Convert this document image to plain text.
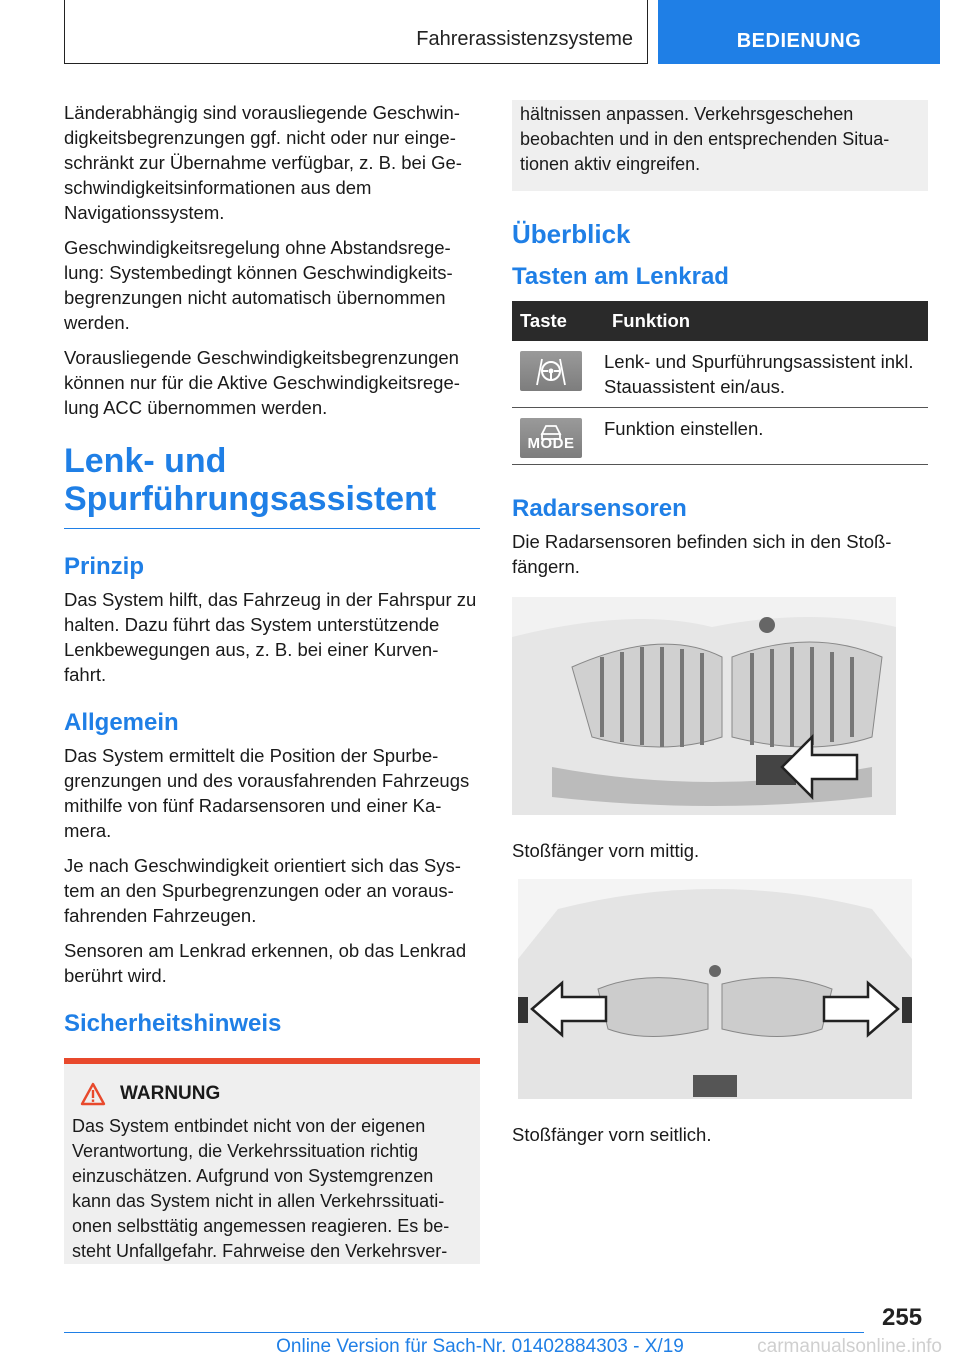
Fahrerassistenzsysteme	BEDIENUNG

Länderabhängig sind vorausliegende Geschwin-digkeitsbegrenzungen ggf. nicht oder nur einge-schränkt zur Übernahme verfügbar, z. B. bei Ge-schwindigkeitsinformationen aus dem Navigationssystem.

Geschwindigkeitsregelung ohne Abstandsrege-lung: Systembedingt können Geschwindigkeits-begrenzungen nicht automatisch übernommen werden.

Vorausliegende Geschwindigkeitsbegrenzungen können nur für die Aktive Geschwindigkeitsrege-lung ACC übernommen werden.

Lenk- und Spurführungsassistent
Prinzip

Das System hilft, das Fahrzeug in der Fahrspur zu halten. Dazu führt das System unterstützende Lenkbewegungen aus, z. B. bei einer Kurven-fahrt.

Allgemein

Das System ermittelt die Position der Spurbe-grenzungen und des vorausfahrenden Fahrzeugs mithilfe von fünf Radarsensoren und einer Ka-mera.

Je nach Geschwindigkeit orientiert sich das Sys-tem an den Spurbegrenzungen oder an voraus-fahrenden Fahrzeugen.

Sensoren am Lenkrad erkennen, ob das Lenkrad berührt wird.

Sicherheitshinweis
WARNUNG

Das System entbindet nicht von der eigenen Verantwortung, die Verkehrssituation richtig einzuschätzen. Aufgrund von Systemgrenzen kann das System nicht in allen Verkehrssituati-onen selbsttätig angemessen reagieren. Es be-steht Unfallgefahr. Fahrweise den Verkehrsver-

hältnissen anpassen. Verkehrsgeschehen beobachten und in den entsprechenden Situa-tionen aktiv eingreifen.

Überblick
Tasten am Lenkrad
Taste	Funktion

	Lenk- und Spurführungsassistent inkl. Stauassistent ein/aus.

MODE	Funktion einstellen.
Radarsensoren

Die Radarsensoren befinden sich in den Stoß-fängern.

Stoßfänger vorn mittig.

Stoßfänger vorn seitlich.

255
Online Version für Sach-Nr. 01402884303 - X/19	carmanualsonline.info
